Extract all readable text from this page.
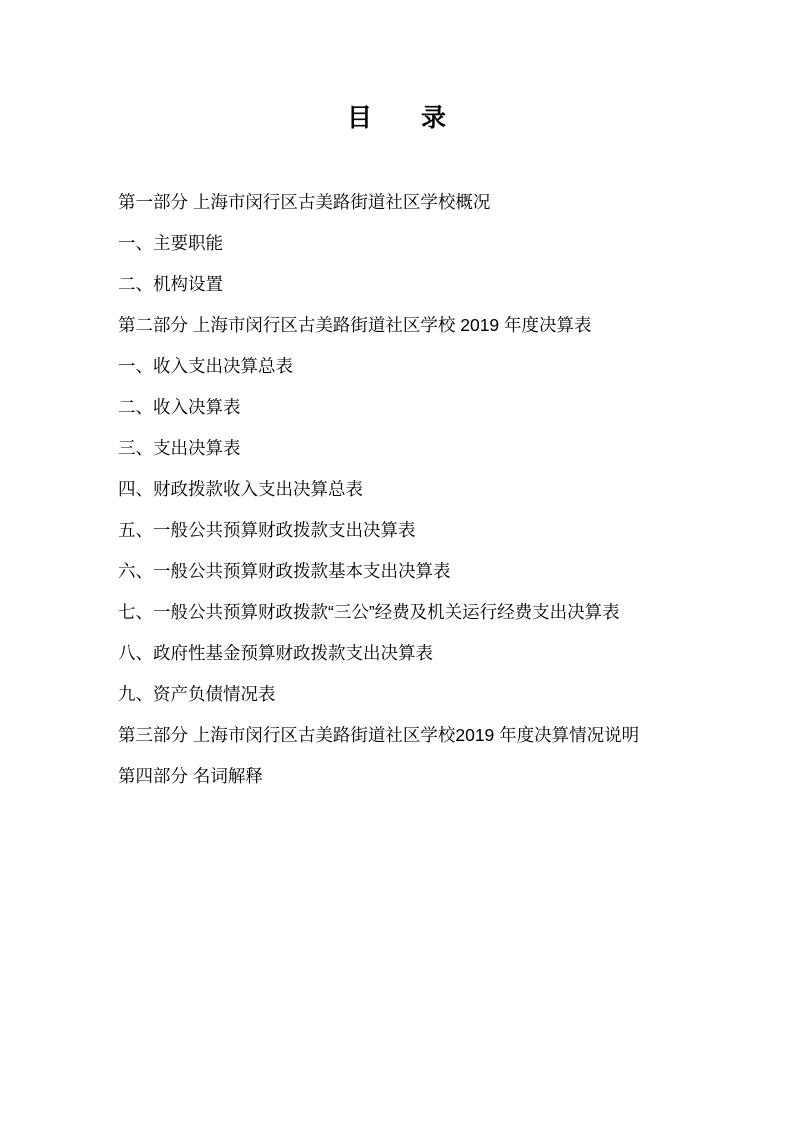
目　录
第一部分 上海市闵行区古美路街道社区学校概况
一、主要职能
二、机构设置
第二部分 上海市闵行区古美路街道社区学校 2019 年度决算表
一、收入支出决算总表
二、收入决算表
三、支出决算表
四、财政拨款收入支出决算总表
五、一般公共预算财政拨款支出决算表
六、一般公共预算财政拨款基本支出决算表
七、一般公共预算财政拨款“三公”经费及机关运行经费支出决算表
八、政府性基金预算财政拨款支出决算表
九、资产负债情况表
第三部分 上海市闵行区古美路街道社区学校2019 年度决算情况说明
第四部分 名词解释
